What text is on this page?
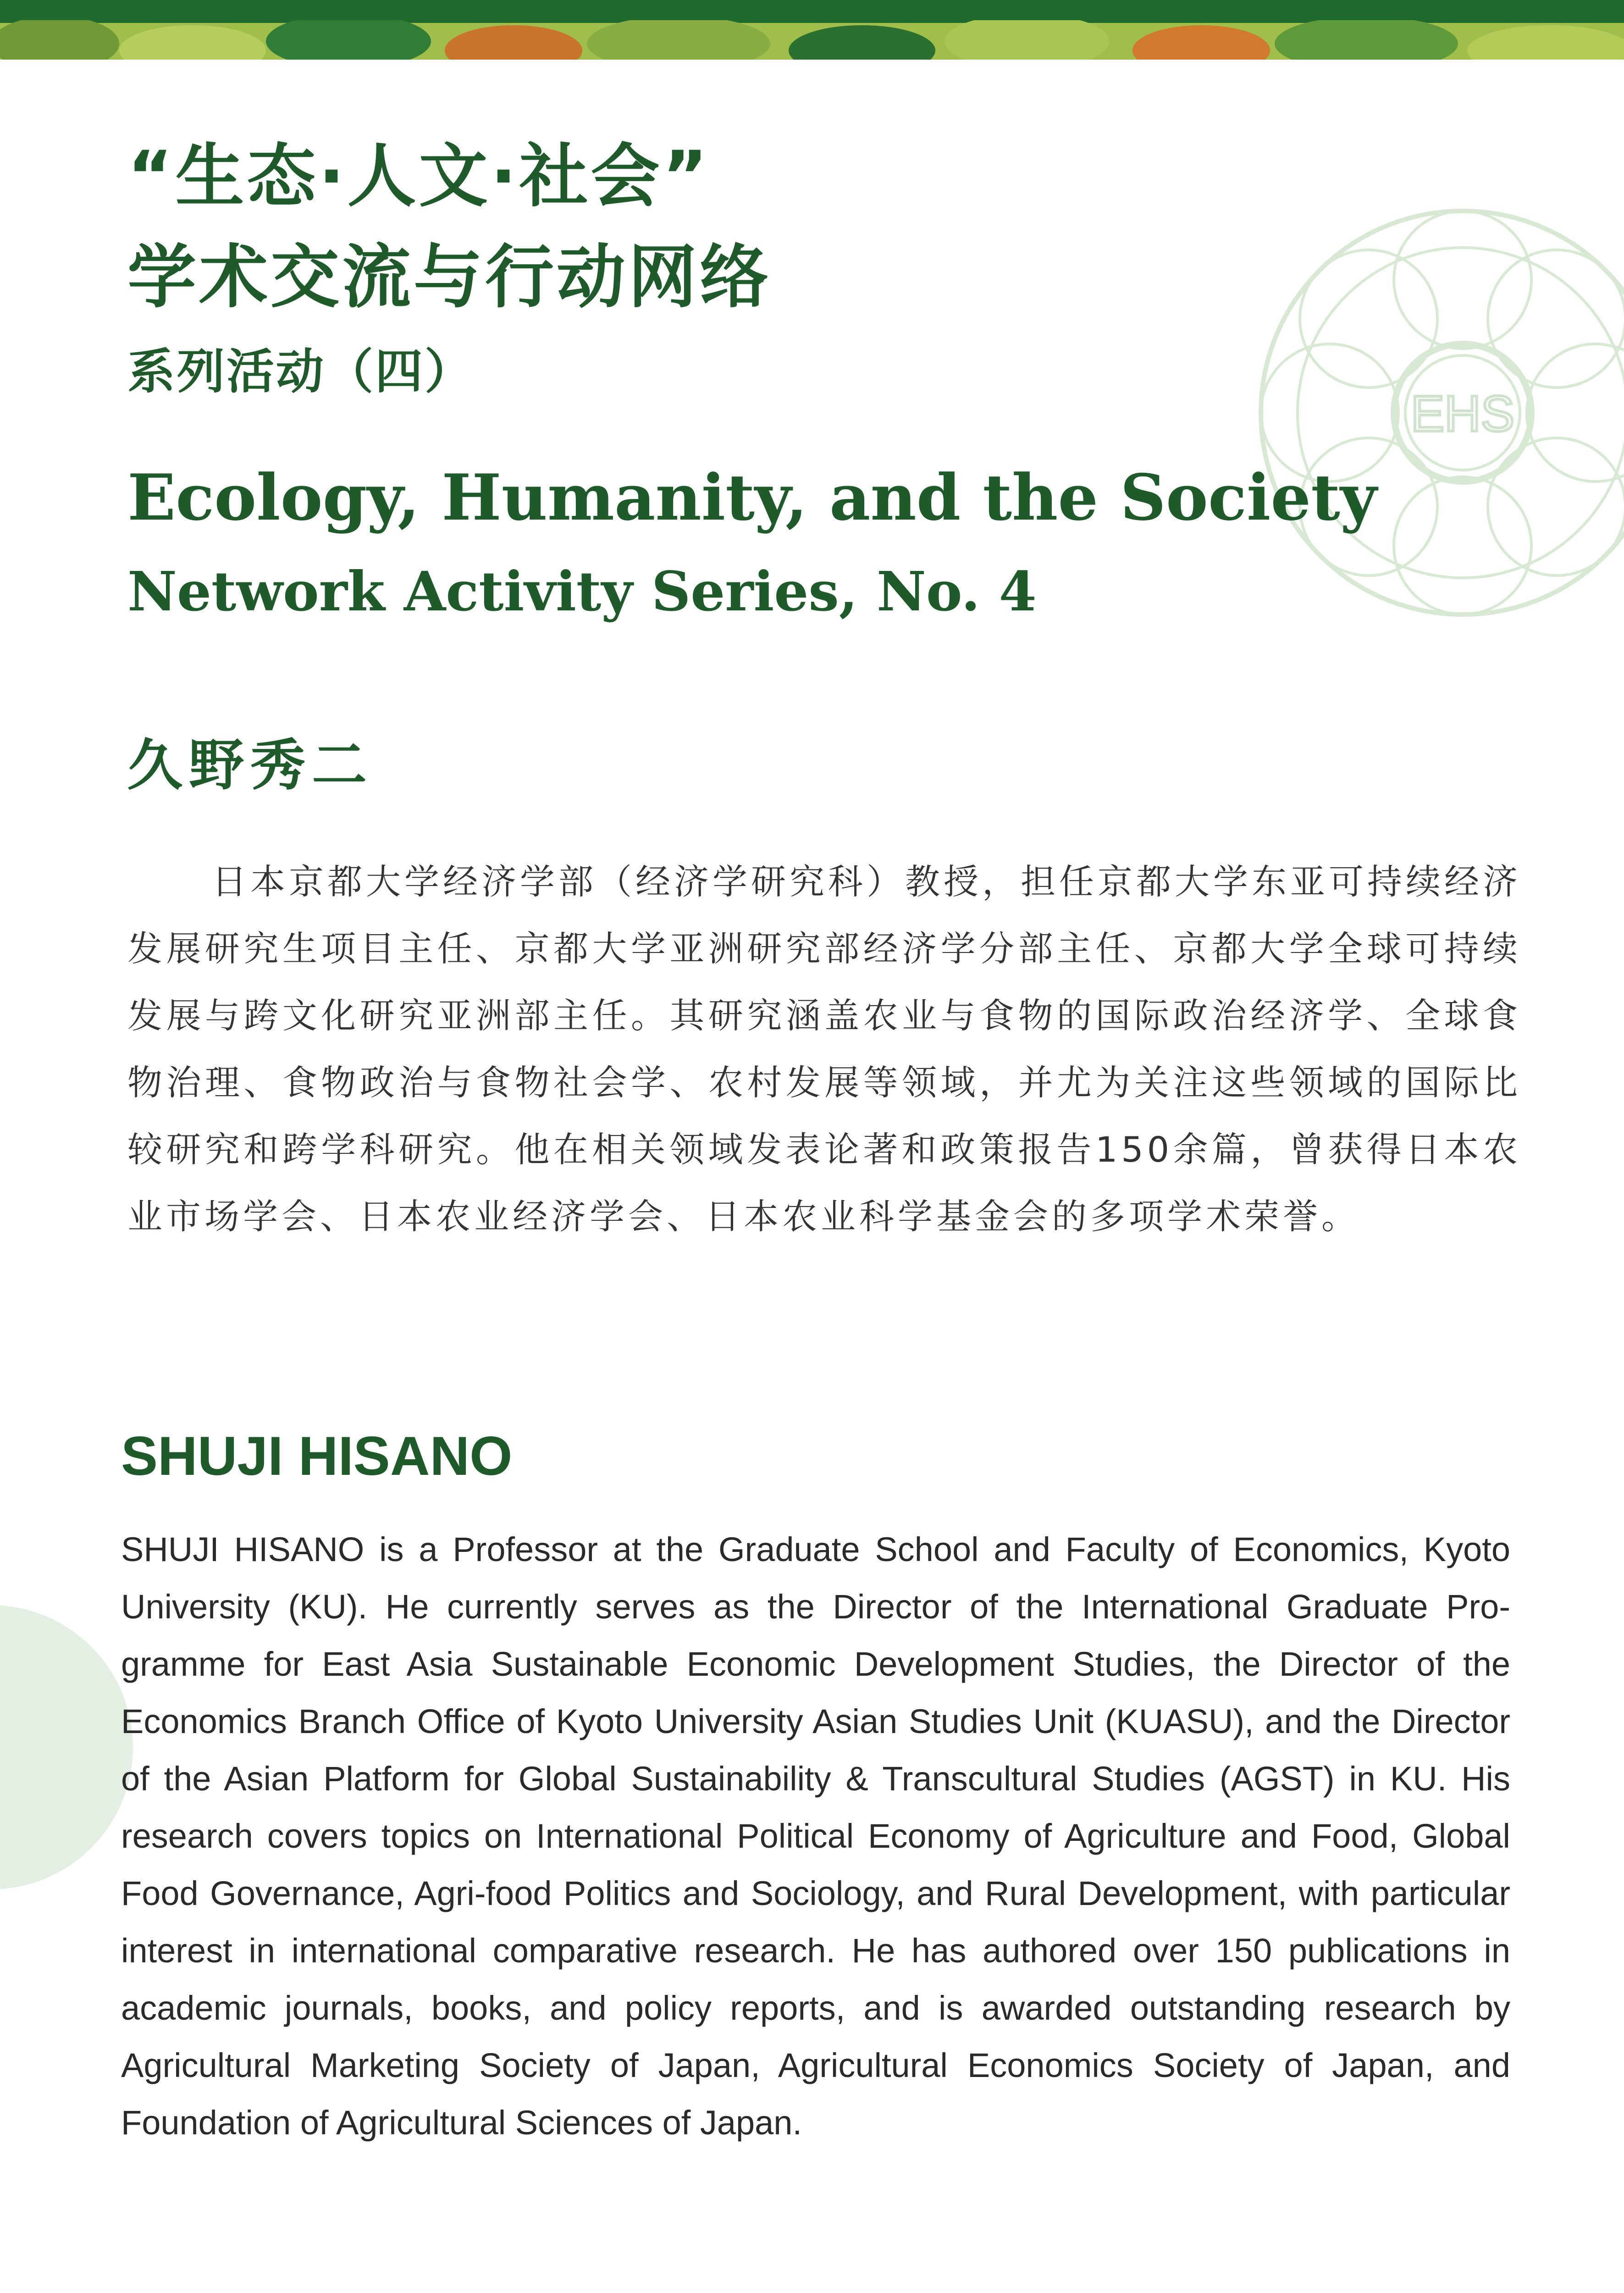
EHS
“生态·人文·社会”
学术交流与行动网络
系列活动（四）
Ecology, Humanity, and the Society
Network Activity Series, No. 4
久野秀二

日本京都大学经济学部（经济学研究科）教授，担任京都大学东亚可持续经济发展研究生项目主任、京都大学亚洲研究部经济学分部主任、京都大学全球可持续发展与跨文化研究亚洲部主任。其研究涵盖农业与食物的国际政治经济学、全球食物治理、食物政治与食物社会学、农村发展等领域，并尤为关注这些领域的国际比较研究和跨学科研究。他在相关领域发表论著和政策报告150余篇，曾获得日本农业市场学会、日本农业经济学会、日本农业科学基金会的多项学术荣誉。

SHUJI HISANO

SHUJI HISANO is a Professor at the Graduate School and Faculty of Economics, Kyoto University (KU). He currently serves as the Director of the International Graduate Programme for East Asia Sustainable Economic Development Studies, the Director of the Economics Branch Office of Kyoto University Asian Studies Unit (KUASU), and the Director of the Asian Platform for Global Sustainability & Transcultural Studies (AGST) in KU. His research covers topics on International Political Economy of Agriculture and Food, Global Food Governance, Agri-food Politics and Sociology, and Rural Development, with particular interest in international comparative research. He has authored over 150 publications in academic journals, books, and policy reports, and is awarded outstanding research by Agricultural Marketing Society of Japan, Agricultural Economics Society of Japan, and Foundation of Agricultural Sciences of Japan.
